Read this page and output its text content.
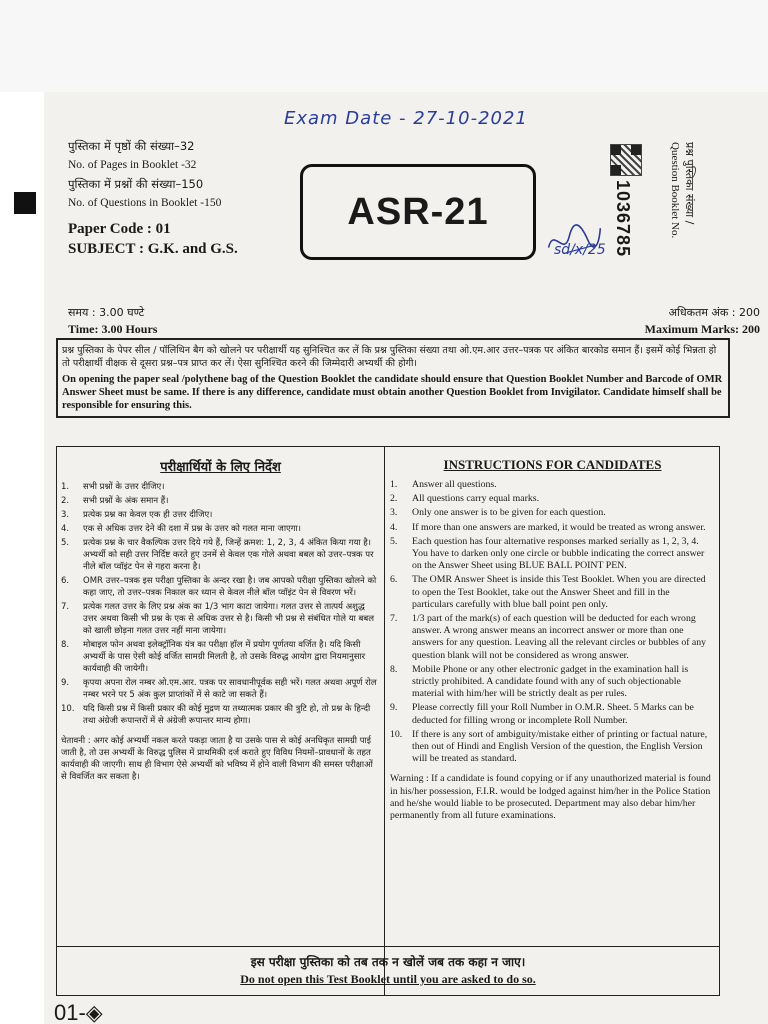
Exam Date - 27-10-2021
पुस्तिका में पृष्ठों की संख्या–32
No. of Pages in Booklet -32
पुस्तिका में प्रश्नों की संख्या–150
No. of Questions in Booklet -150
Paper Code : 01
SUBJECT : G.K. and G.S.
ASR-21	1036785	प्रश्न पुस्तिका संख्या /
Question Booklet No.
sd/x/25
समय : 3.00 घण्टे
Time: 3.00 Hours
अधिकतम अंक : 200
Maximum Marks: 200
प्रश्न पुस्तिका के पेपर सील / पॉलिथिन बैग को खोलने पर परीक्षार्थी यह सुनिश्चित कर लें कि प्रश्न पुस्तिका संख्या तथा ओ.एम.आर उत्तर–पत्रक पर अंकित बारकोड समान हैं। इसमें कोई भिन्नता हो तो परीक्षार्थी वीक्षक से दूसरा प्रश्न–पत्र प्राप्त कर लें। ऐसा सुनिश्चित करने की जिम्मेदारी अभ्यर्थी की होगी।
On opening the paper seal /polythene bag of the Question Booklet the candidate should ensure that Question Booklet Number and Barcode of OMR Answer Sheet must be same. If there is any difference, candidate must obtain another Question Booklet from Invigilator. Candidate himself shall be responsible for ensuring this.
परीक्षार्थियों के लिए निर्देश
1.	सभी प्रश्नों के उत्तर दीजिए।
2.	सभी प्रश्नों के अंक समान हैं।
3.	प्रत्येक प्रश्न का केवल एक ही उत्तर दीजिए।
4.	एक से अधिक उत्तर देने की दशा में प्रश्न के उत्तर को गलत माना जाएगा।
5.	प्रत्येक प्रश्न के चार वैकल्पिक उत्तर दिये गये हैं, जिन्हें क्रमश: 1, 2, 3, 4 अंकित किया गया है। अभ्यर्थी को सही उत्तर निर्दिष्ट करते हुए उनमें से केवल एक गोले अथवा बबल को उत्तर–पत्रक पर नीले बॉल प्वॉइंट पेन से गहरा करना है।
6.	OMR उत्तर–पत्रक इस परीक्षा पुस्तिका के अन्दर रखा है। जब आपको परीक्षा पुस्तिका खोलने को कहा जाए, तो उत्तर–पत्रक निकाल कर ध्यान से केवल नीले बॉल प्वॉइंट पेन से विवरण भरें।
7.	प्रत्येक गलत उत्तर के लिए प्रश्न अंक का 1/3 भाग काटा जायेगा। गलत उत्तर से तात्पर्य अशुद्ध उत्तर अथवा किसी भी प्रश्न के एक से अधिक उत्तर से है। किसी भी प्रश्न से संबंधित गोले या बबल को खाली छोड़ना गलत उत्तर नहीं माना जायेगा।
8.	मोबाइल फोन अथवा इलेक्ट्रॉनिक यंत्र का परीक्षा हॉल में प्रयोग पूर्णतया वर्जित है। यदि किसी अभ्यर्थी के पास ऐसी कोई वर्जित सामग्री मिलती है, तो उसके विरुद्ध आयोग द्वारा नियमानुसार कार्यवाही की जायेगी।
9.	कृपया अपना रोल नम्बर ओ.एम.आर. पत्रक पर सावधानीपूर्वक सही भरें। गलत अथवा अपूर्ण रोल नम्बर भरने पर 5 अंक कुल प्राप्तांकों में से काटे जा सकते हैं।
10. यदि किसी प्रश्न में किसी प्रकार की कोई मुद्रण या तथ्यात्मक प्रकार की त्रुटि हो, तो प्रश्न के हिन्दी तथा अंग्रेजी रूपान्तरों में से अंग्रेजी रूपान्तर मान्य होगा।
चेतावनी : अगर कोई अभ्यर्थी नकल करते पकड़ा जाता है या उसके पास से कोई अनधिकृत सामग्री पाई जाती है, तो उस अभ्यर्थी के विरुद्ध पुलिस में प्राथमिकी दर्ज कराते हुए विविध नियमों–प्रावधानों के तहत कार्यवाही की जाएगी। साथ ही विभाग ऐसे अभ्यर्थी को भविष्य में होने वाली विभाग की समस्त परीक्षाओं से विवर्जित कर सकता है।
INSTRUCTIONS FOR CANDIDATES
1.	Answer all questions.
2.	All questions carry equal marks.
3.	Only one answer is to be given for each question.
4.	If more than one answers are marked, it would be treated as wrong answer.
5.	Each question has four alternative responses marked serially as 1, 2, 3, 4. You have to darken only one circle or bubble indicating the correct answer on the Answer Sheet using BLUE BALL POINT PEN.
6.	The OMR Answer Sheet is inside this Test Booklet. When you are directed to open the Test Booklet, take out the Answer Sheet and fill in the particulars carefully with blue ball point pen only.
7.	1/3 part of the mark(s) of each question will be deducted for each wrong answer. A wrong answer means an incorrect answer or more than one answers for any question. Leaving all the relevant circles or bubbles of any question blank will not be considered as wrong answer.
8.	Mobile Phone or any other electronic gadget in the examination hall is strictly prohibited. A candidate found with any of such objectionable material with him/her will be strictly dealt as per rules.
9.	Please correctly fill your Roll Number in O.M.R. Sheet. 5 Marks can be deducted for filling wrong or incomplete Roll Number.
10. If there is any sort of ambiguity/mistake either of printing or factual nature, then out of Hindi and English Version of the question, the English Version will be treated as standard.
Warning : If a candidate is found copying or if any unauthorized material is found in his/her possession, F.I.R. would be lodged against him/her in the Police Station and he/she would liable to be prosecuted. Department may also debar him/her permanently from all future examinations.
इस परीक्षा पुस्तिका को तब तक न खोलें जब तक कहा न जाए।
Do not open this Test Booklet until you are asked to do so.
01-◈
